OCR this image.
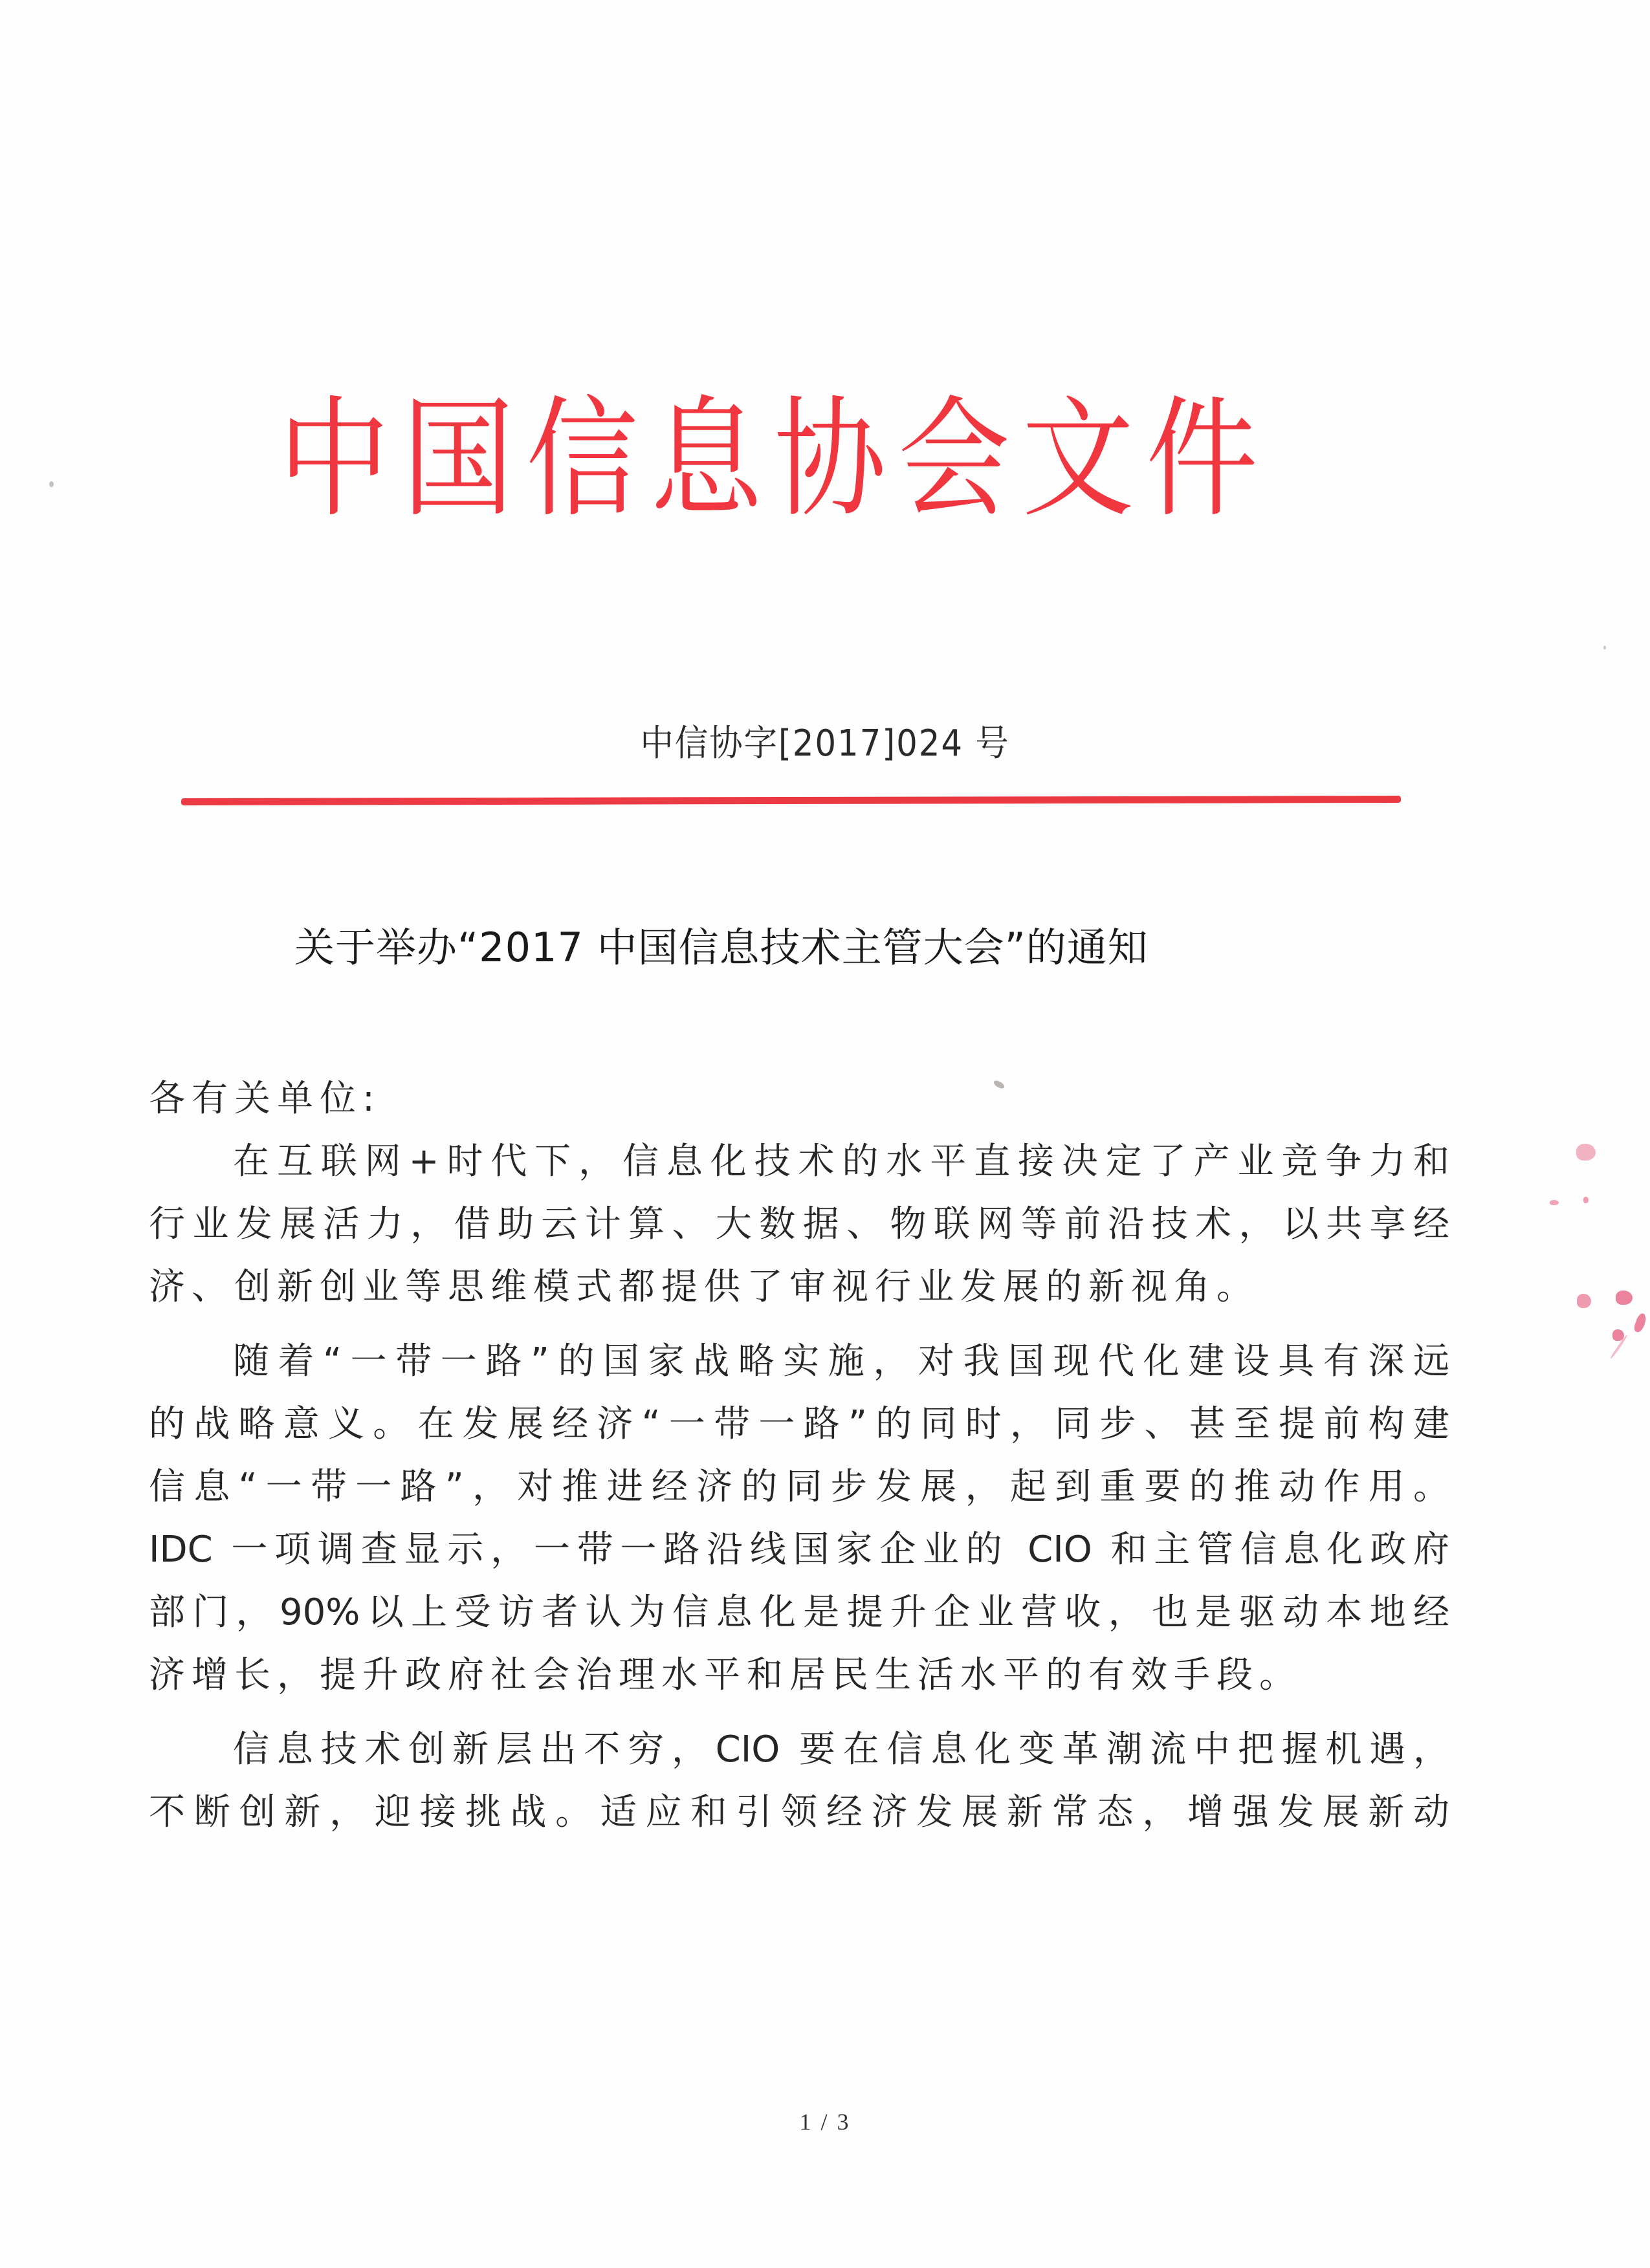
中国信息协会文件
中信协字[2017]024 号
关于举办“2017 中国信息技术主管大会”的通知
各有关单位:
在互联网+时代下，信息化技术的水平直接决定了产业竞争力和
行业发展活力，借助云计算、大数据、物联网等前沿技术，以共享经
济、创新创业等思维模式都提供了审视行业发展的新视角。
随着“一带一路”的国家战略实施，对我国现代化建设具有深远
的战略意义。在发展经济“一带一路”的同时，同步、甚至提前构建
信息“一带一路”，对推进经济的同步发展，起到重要的推动作用。
IDC 一项调查显示，一带一路沿线国家企业的 CIO 和主管信息化政府
部门，90%以上受访者认为信息化是提升企业营收，也是驱动本地经
济增长，提升政府社会治理水平和居民生活水平的有效手段。
信息技术创新层出不穷，CIO 要在信息化变革潮流中把握机遇，
不断创新，迎接挑战。适应和引领经济发展新常态，增强发展新动
1 / 3
